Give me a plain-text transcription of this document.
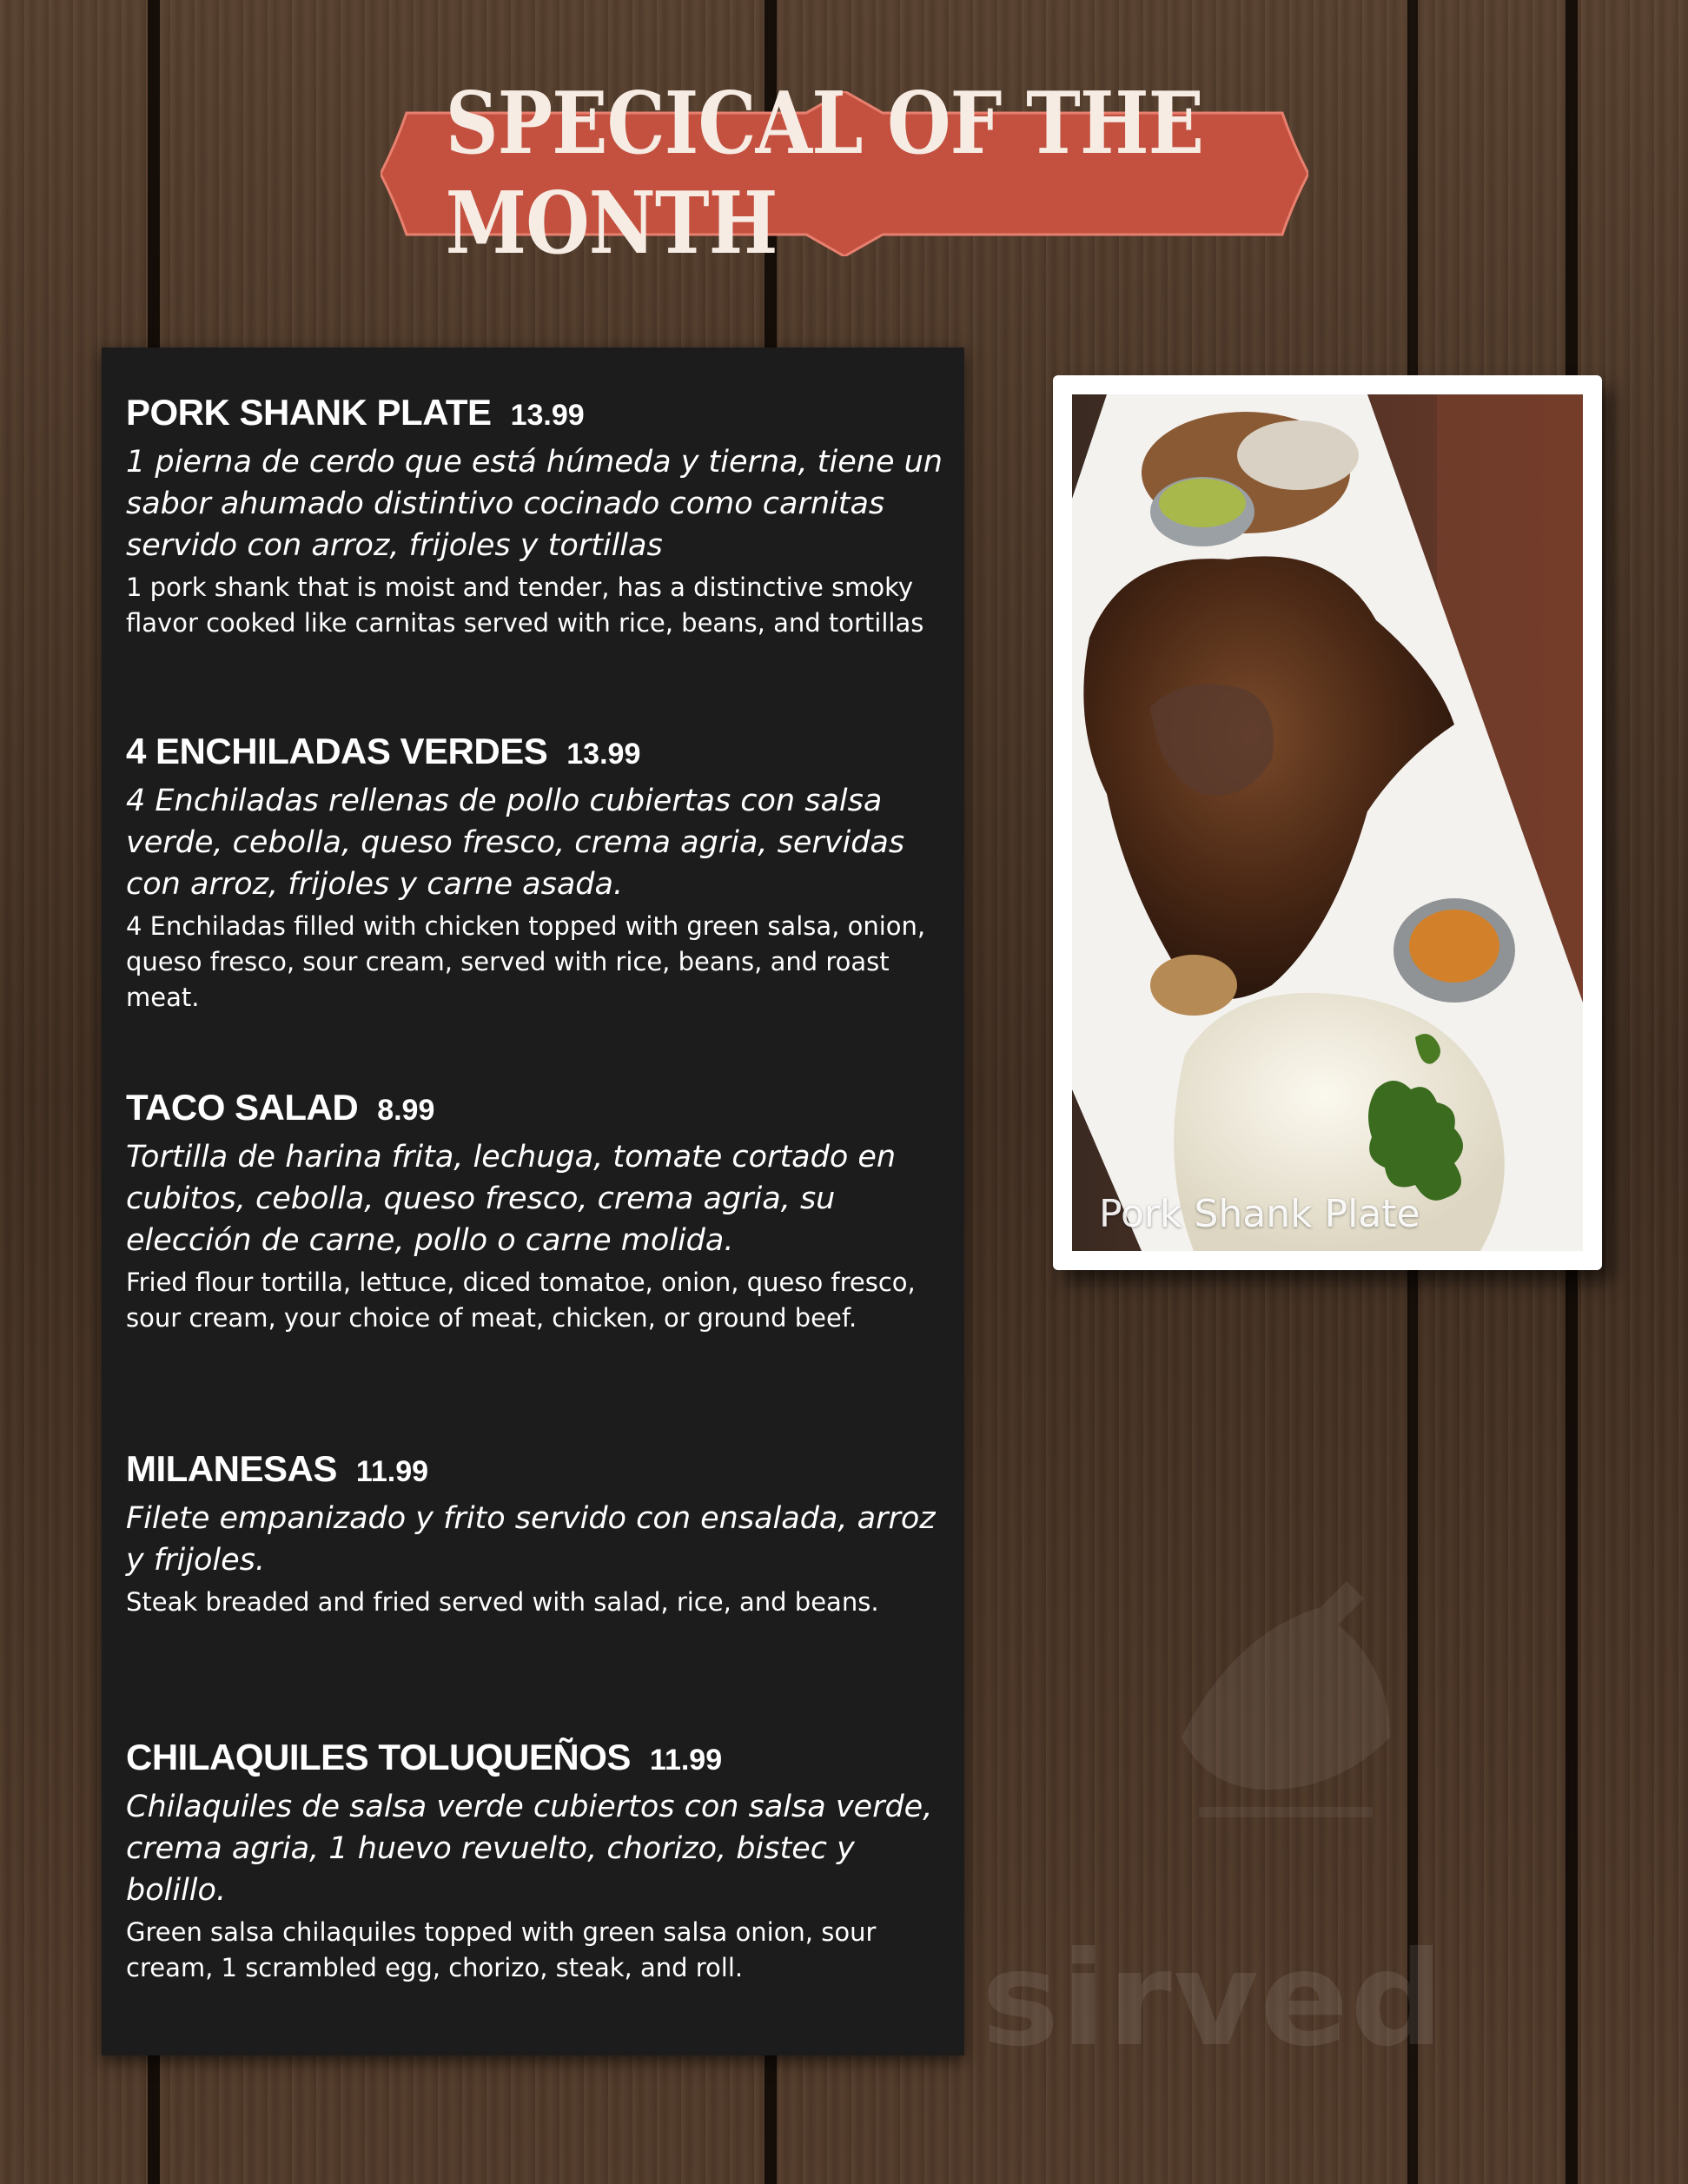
SPECICAL OF THE MONTH
PORK SHANK PLATE 13.99
1 pierna de cerdo que está húmeda y tierna, tiene un sabor ahumado distintivo cocinado como carnitas servido con arroz, frijoles y tortillas
1 pork shank that is moist and tender, has a distinctive smoky flavor cooked like carnitas served with rice, beans, and tortillas
4 ENCHILADAS VERDES 13.99
4 Enchiladas rellenas de pollo cubiertas con salsa verde, cebolla, queso fresco, crema agria, servidas con arroz, frijoles y carne asada.
4 Enchiladas filled with chicken topped with green salsa, onion, queso fresco, sour cream, served with rice, beans, and roast meat.
TACO SALAD 8.99
Tortilla de harina frita, lechuga, tomate cortado en cubitos, cebolla, queso fresco, crema agria, su elección de carne, pollo o carne molida.
Fried flour tortilla, lettuce, diced tomatoe, onion, queso fresco, sour cream, your choice of meat, chicken, or ground beef.
MILANESAS 11.99
Filete empanizado y frito servido con ensalada, arroz y frijoles.
Steak breaded and fried served with salad, rice, and beans.
CHILAQUILES TOLUQUEÑOS 11.99
Chilaquiles de salsa verde cubiertos con salsa verde, crema agria, 1 huevo revuelto, chorizo, bistec y bolillo.
Green salsa chilaquiles topped with green salsa onion, sour cream, 1 scrambled egg, chorizo, steak, and roll.
Pork Shank Plate
sirved
